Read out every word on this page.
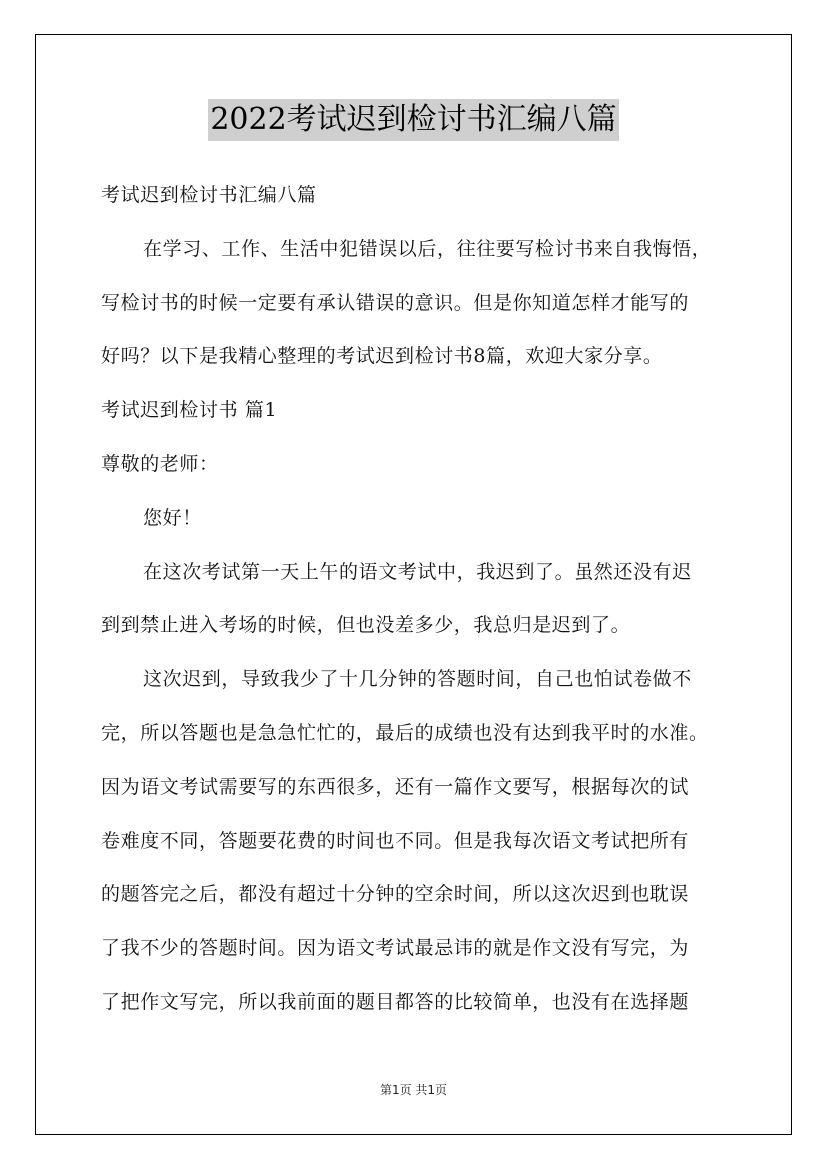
2022考试迟到检讨书汇编八篇
考试迟到检讨书汇编八篇
在学习、工作、生活中犯错误以后，往往要写检讨书来自我悔悟，
写检讨书的时候一定要有承认错误的意识。但是你知道怎样才能写的
好吗？以下是我精心整理的考试迟到检讨书8篇，欢迎大家分享。
考试迟到检讨书 篇1
尊敬的老师：
您好！
在这次考试第一天上午的语文考试中，我迟到了。虽然还没有迟
到到禁止进入考场的时候，但也没差多少，我总归是迟到了。
这次迟到，导致我少了十几分钟的答题时间，自己也怕试卷做不
完，所以答题也是急急忙忙的，最后的成绩也没有达到我平时的水准。
因为语文考试需要写的东西很多，还有一篇作文要写，根据每次的试
卷难度不同，答题要花费的时间也不同。但是我每次语文考试把所有
的题答完之后，都没有超过十分钟的空余时间，所以这次迟到也耽误
了我不少的答题时间。因为语文考试最忌讳的就是作文没有写完，为
了把作文写完，所以我前面的题目都答的比较简单，也没有在选择题
第1页 共1页
